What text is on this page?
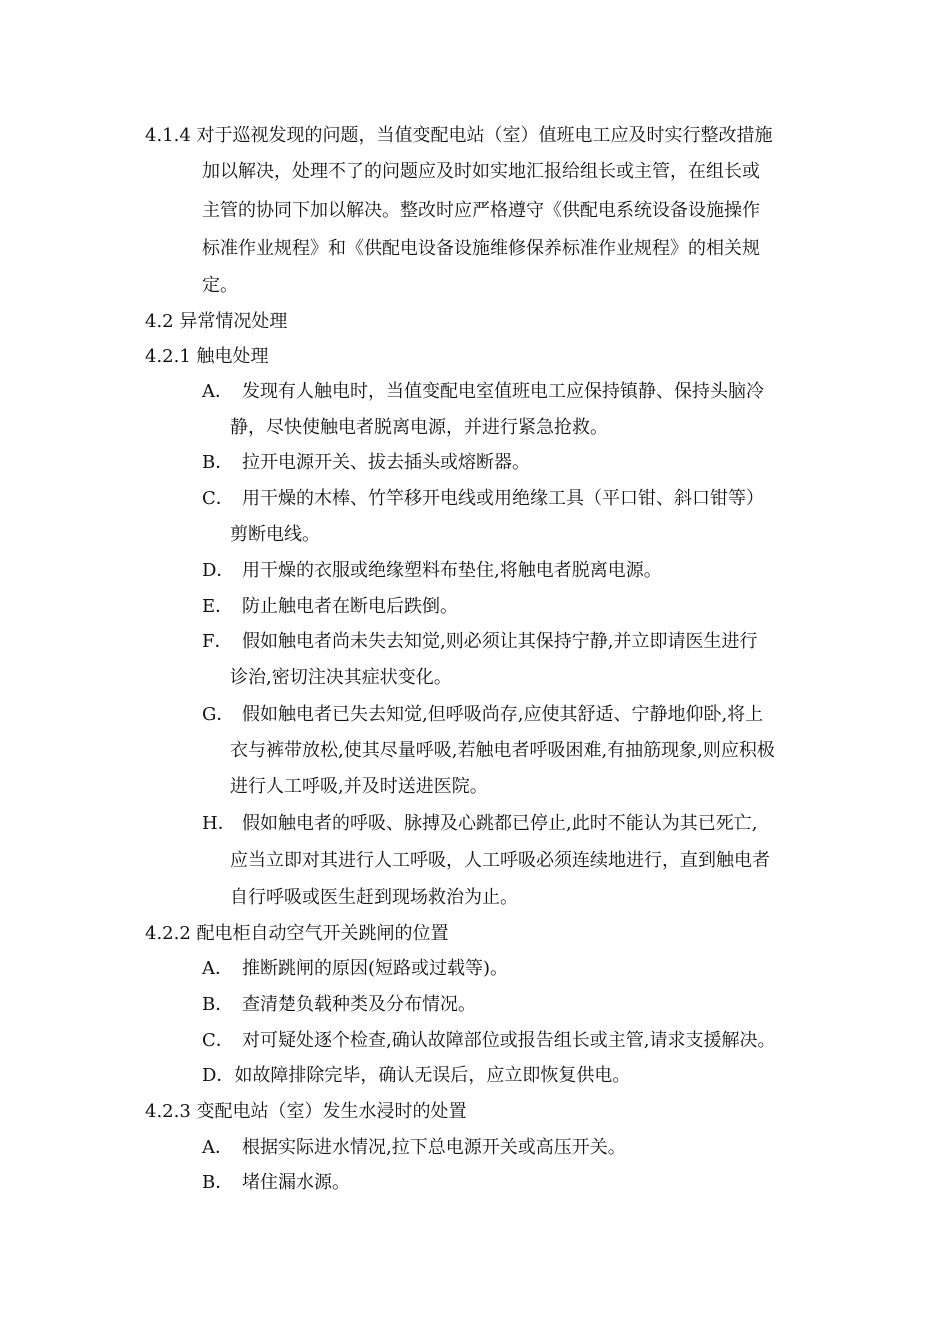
4.1.4 对于巡视发现的问题，当值变配电站（室）值班电工应及时实行整改措施
加以解决，处理不了的问题应及时如实地汇报给组长或主管，在组长或
主管的协同下加以解决。整改时应严格遵守《供配电系统设备设施操作
标准作业规程》和《供配电设备设施维修保养标准作业规程》的相关规
定。
4.2 异常情况处理
4.2.1 触电处理
A． 发现有人触电时，当值变配电室值班电工应保持镇静、保持头脑冷
静，尽快使触电者脱离电源，并进行紧急抢救。
B． 拉开电源开关、拔去插头或熔断器。
C． 用干燥的木棒、竹竿移开电线或用绝缘工具（平口钳、斜口钳等）
剪断电线。
D． 用干燥的衣服或绝缘塑料布垫住,将触电者脱离电源。
E． 防止触电者在断电后跌倒。
F． 假如触电者尚未失去知觉,则必须让其保持宁静,并立即请医生进行
诊治,密切注决其症状变化。
G． 假如触电者已失去知觉,但呼吸尚存,应使其舒适、宁静地仰卧,将上
衣与裤带放松,使其尽量呼吸,若触电者呼吸困难,有抽筋现象,则应积极
进行人工呼吸,并及时送进医院。
H． 假如触电者的呼吸、脉搏及心跳都已停止,此时不能认为其已死亡,
应当立即对其进行人工呼吸，人工呼吸必须连续地进行，直到触电者
自行呼吸或医生赶到现场救治为止。
4.2.2 配电柜自动空气开关跳闸的位置
A． 推断跳闸的原因(短路或过载等)。
B． 查清楚负载种类及分布情况。
C． 对可疑处逐个检查,确认故障部位或报告组长或主管,请求支援解决。
D．如故障排除完毕，确认无误后，应立即恢复供电。
4.2.3 变配电站（室）发生水浸时的处置
A． 根据实际进水情况,拉下总电源开关或高压开关。
B． 堵住漏水源。
